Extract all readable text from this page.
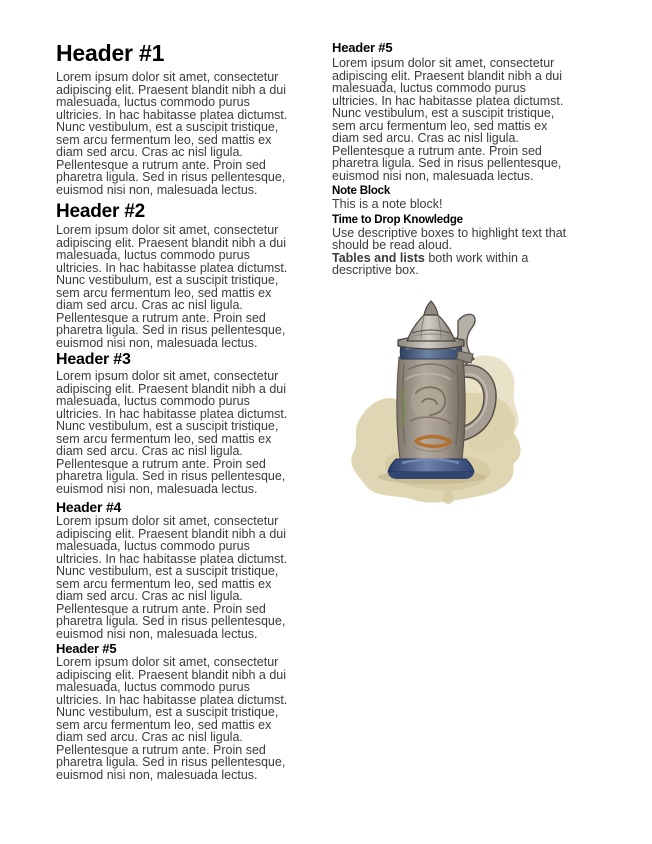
Header #1
Lorem ipsum dolor sit amet, consectetur
adipiscing elit. Praesent blandit nibh a dui
malesuada, luctus commodo purus
ultricies. In hac habitasse platea dictumst.
Nunc vestibulum, est a suscipit tristique,
sem arcu fermentum leo, sed mattis ex
diam sed arcu. Cras ac nisl ligula.
Pellentesque a rutrum ante. Proin sed
pharetra ligula. Sed in risus pellentesque,
euismod nisi non, malesuada lectus.
Header #2
Lorem ipsum dolor sit amet, consectetur
adipiscing elit. Praesent blandit nibh a dui
malesuada, luctus commodo purus
ultricies. In hac habitasse platea dictumst.
Nunc vestibulum, est a suscipit tristique,
sem arcu fermentum leo, sed mattis ex
diam sed arcu. Cras ac nisl ligula.
Pellentesque a rutrum ante. Proin sed
pharetra ligula. Sed in risus pellentesque,
euismod nisi non, malesuada lectus.
Header #3
Lorem ipsum dolor sit amet, consectetur
adipiscing elit. Praesent blandit nibh a dui
malesuada, luctus commodo purus
ultricies. In hac habitasse platea dictumst.
Nunc vestibulum, est a suscipit tristique,
sem arcu fermentum leo, sed mattis ex
diam sed arcu. Cras ac nisl ligula.
Pellentesque a rutrum ante. Proin sed
pharetra ligula. Sed in risus pellentesque,
euismod nisi non, malesuada lectus.
Header #4
Lorem ipsum dolor sit amet, consectetur
adipiscing elit. Praesent blandit nibh a dui
malesuada, luctus commodo purus
ultricies. In hac habitasse platea dictumst.
Nunc vestibulum, est a suscipit tristique,
sem arcu fermentum leo, sed mattis ex
diam sed arcu. Cras ac nisl ligula.
Pellentesque a rutrum ante. Proin sed
pharetra ligula. Sed in risus pellentesque,
euismod nisi non, malesuada lectus.
Header #5
Lorem ipsum dolor sit amet, consectetur
adipiscing elit. Praesent blandit nibh a dui
malesuada, luctus commodo purus
ultricies. In hac habitasse platea dictumst.
Nunc vestibulum, est a suscipit tristique,
sem arcu fermentum leo, sed mattis ex
diam sed arcu. Cras ac nisl ligula.
Pellentesque a rutrum ante. Proin sed
pharetra ligula. Sed in risus pellentesque,
euismod nisi non, malesuada lectus.
Header #5
Lorem ipsum dolor sit amet, consectetur
adipiscing elit. Praesent blandit nibh a dui
malesuada, luctus commodo purus
ultricies. In hac habitasse platea dictumst.
Nunc vestibulum, est a suscipit tristique,
sem arcu fermentum leo, sed mattis ex
diam sed arcu. Cras ac nisl ligula.
Pellentesque a rutrum ante. Proin sed
pharetra ligula. Sed in risus pellentesque,
euismod nisi non, malesuada lectus.
Note Block
This is a note block!
Time to Drop Knowledge
Use descriptive boxes to highlight text that
should be read aloud.
Tables and lists both work within a
descriptive box.
